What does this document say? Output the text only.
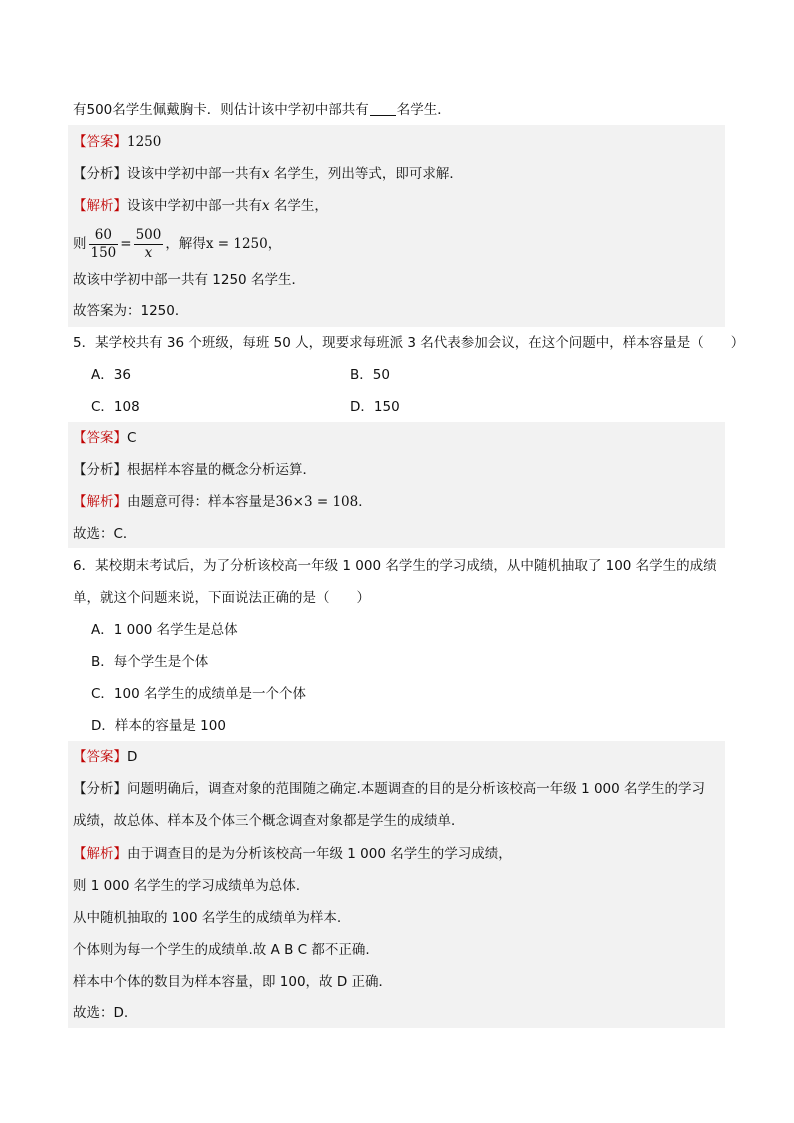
有500名学生佩戴胸卡．则估计该中学初中部共有 名学生．
【答案】1250
【分析】设该中学初中部一共有x 名学生，列出等式，即可求解．
【解析】设该中学初中部一共有x 名学生，
则 $\frac{60}{150} = \frac{500}{x}$ ，解得x = 1250，
故该中学初中部一共有 1250 名学生．
故答案为：1250．
5．某学校共有 36 个班级，每班 50 人，现要求每班派 3 名代表参加会议，在这个问题中，样本容量是（　　）
A．36	B．50
C．108	D．150
【答案】C
【分析】根据样本容量的概念分析运算．
【解析】由题意可得：样本容量是36×3 = 108．
故选：C．
6．某校期末考试后，为了分析该校高一年级 1 000 名学生的学习成绩，从中随机抽取了 100 名学生的成绩
单，就这个问题来说，下面说法正确的是（　　）
A．1 000 名学生是总体
B．每个学生是个体
C．100 名学生的成绩单是一个个体
D．样本的容量是 100
【答案】D
【分析】问题明确后，调查对象的范围随之确定.本题调查的目的是分析该校高一年级 1 000 名学生的学习
成绩，故总体、样本及个体三个概念调查对象都是学生的成绩单．
【解析】由于调查目的是为分析该校高一年级 1 000 名学生的学习成绩，
则 1 000 名学生的学习成绩单为总体.
从中随机抽取的 100 名学生的成绩单为样本.
个体则为每一个学生的成绩单.故 A B C 都不正确.
样本中个体的数目为样本容量，即 100，故 D 正确．
故选：D.
